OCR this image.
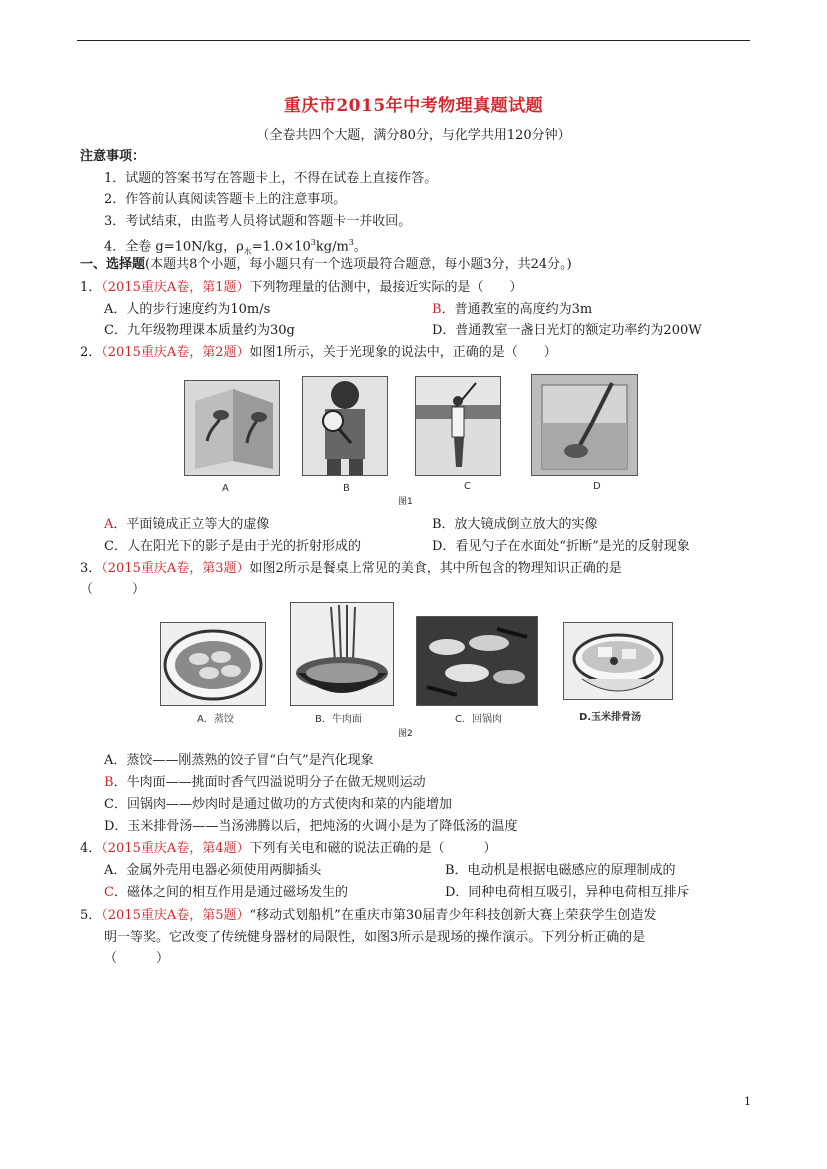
重庆市2015年中考物理真题试题
（全卷共四个大题，满分80分，与化学共用120分钟）
注意事项：
1．试题的答案书写在答题卡上，不得在试卷上直接作答。
2．作答前认真阅读答题卡上的注意事项。
3．考试结束，由监考人员将试题和答题卡一并收回。
4．全卷 g=10N/kg，$\rho_水=1.0\times 10^3kg/m^3$。
一、选择题(本题共8个小题，每小题只有一个选项最符合题意，每小题3分，共24分。)
1．（2015重庆A卷，第1题）下列物理量的估测中，最接近实际的是（　　）
A．人的步行速度约为10m/s	B．普通教室的高度约为3m
C．九年级物理课本质量约为30g	D．普通教室一盏日光灯的额定功率约为200W
2．（2015重庆A卷，第2题）如图1所示，关于光现象的说法中，正确的是（　　）
A	B	C	D
图1
A．平面镜成正立等大的虚像	B．放大镜成倒立放大的实像
C．人在阳光下的影子是由于光的折射形成的	D．看见勺子在水面处“折断”是光的反射现象
3．（2015重庆A卷，第3题）如图2所示是餐桌上常见的美食，其中所包含的物理知识正确的是
（　　　）
A．蒸饺	B．牛肉面	C．回锅肉	D.玉米排骨汤
图2
A．蒸饺——刚蒸熟的饺子冒“白气”是汽化现象
B．牛肉面——挑面时香气四溢说明分子在做无规则运动
C．回锅肉——炒肉时是通过做功的方式使肉和菜的内能增加
D．玉米排骨汤——当汤沸腾以后，把炖汤的火调小是为了降低汤的温度
4．（2015重庆A卷，第4题）下列有关电和磁的说法正确的是（　　　）
A．金属外壳用电器必须使用两脚插头	B．电动机是根据电磁感应的原理制成的
C．磁体之间的相互作用是通过磁场发生的	D．同种电荷相互吸引，异种电荷相互排斥
5．（2015重庆A卷，第5题）“移动式划船机”在重庆市第30届青少年科技创新大赛上荣获学生创造发
明一等奖。它改变了传统健身器材的局限性，如图3所示是现场的操作演示。下列分析正确的是
（　　　）
1
